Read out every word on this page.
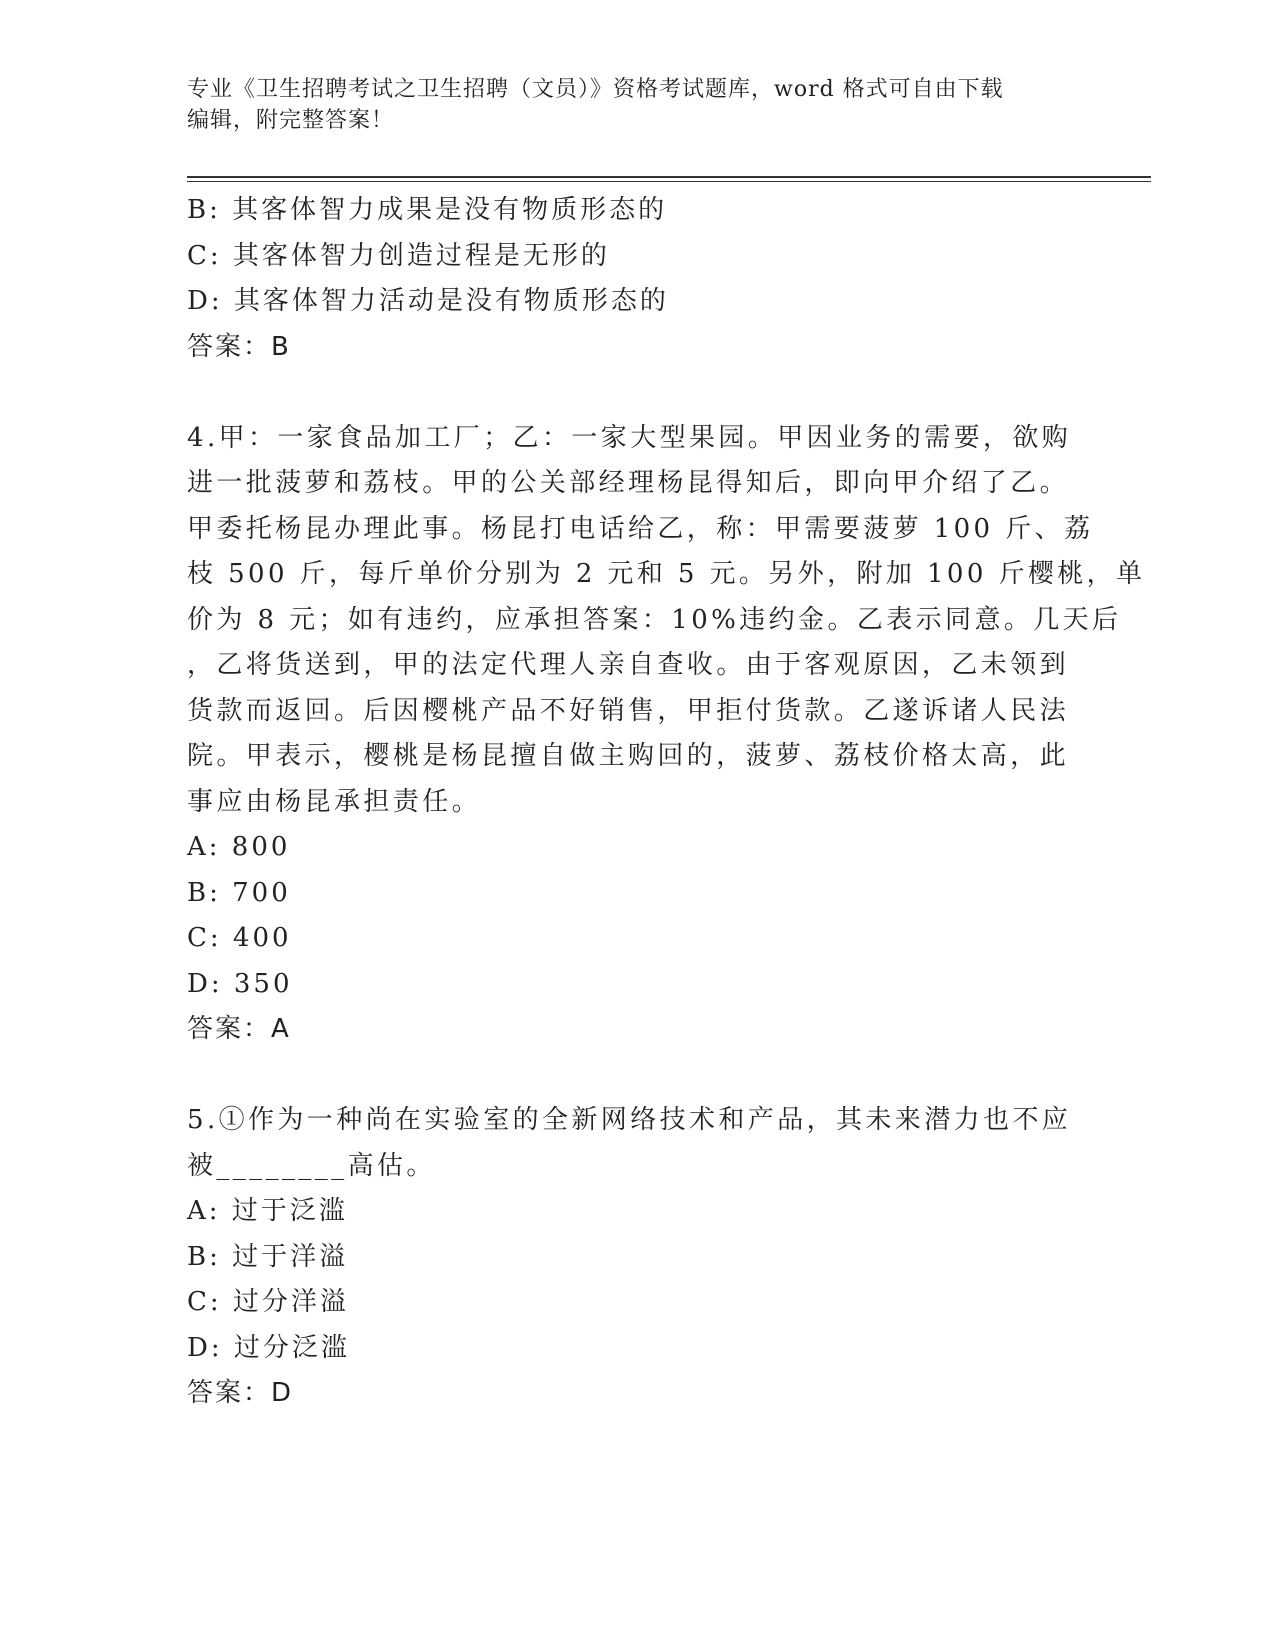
专业《卫生招聘考试之卫生招聘（文员）》资格考试题库，word 格式可自由下载
编辑，附完整答案！
B: 其客体智力成果是没有物质形态的
C: 其客体智力创造过程是无形的
D: 其客体智力活动是没有物质形态的
答案：B
4.甲：一家食品加工厂；乙：一家大型果园。甲因业务的需要，欲购
进一批菠萝和荔枝。甲的公关部经理杨昆得知后，即向甲介绍了乙。
甲委托杨昆办理此事。杨昆打电话给乙，称：甲需要菠萝 100 斤、荔
枝 500 斤，每斤单价分别为 2 元和 5 元。另外，附加 100 斤樱桃，单
价为 8 元；如有违约，应承担答案：10%违约金。乙表示同意。几天后
，乙将货送到，甲的法定代理人亲自查收。由于客观原因，乙未领到
货款而返回。后因樱桃产品不好销售，甲拒付货款。乙遂诉诸人民法
院。甲表示，樱桃是杨昆擅自做主购回的，菠萝、荔枝价格太高，此
事应由杨昆承担责任。
A: 800
B: 700
C: 400
D: 350
答案：A
5.①作为一种尚在实验室的全新网络技术和产品，其未来潜力也不应
被________高估。
A: 过于泛滥
B: 过于洋溢
C: 过分洋溢
D: 过分泛滥
答案：D
